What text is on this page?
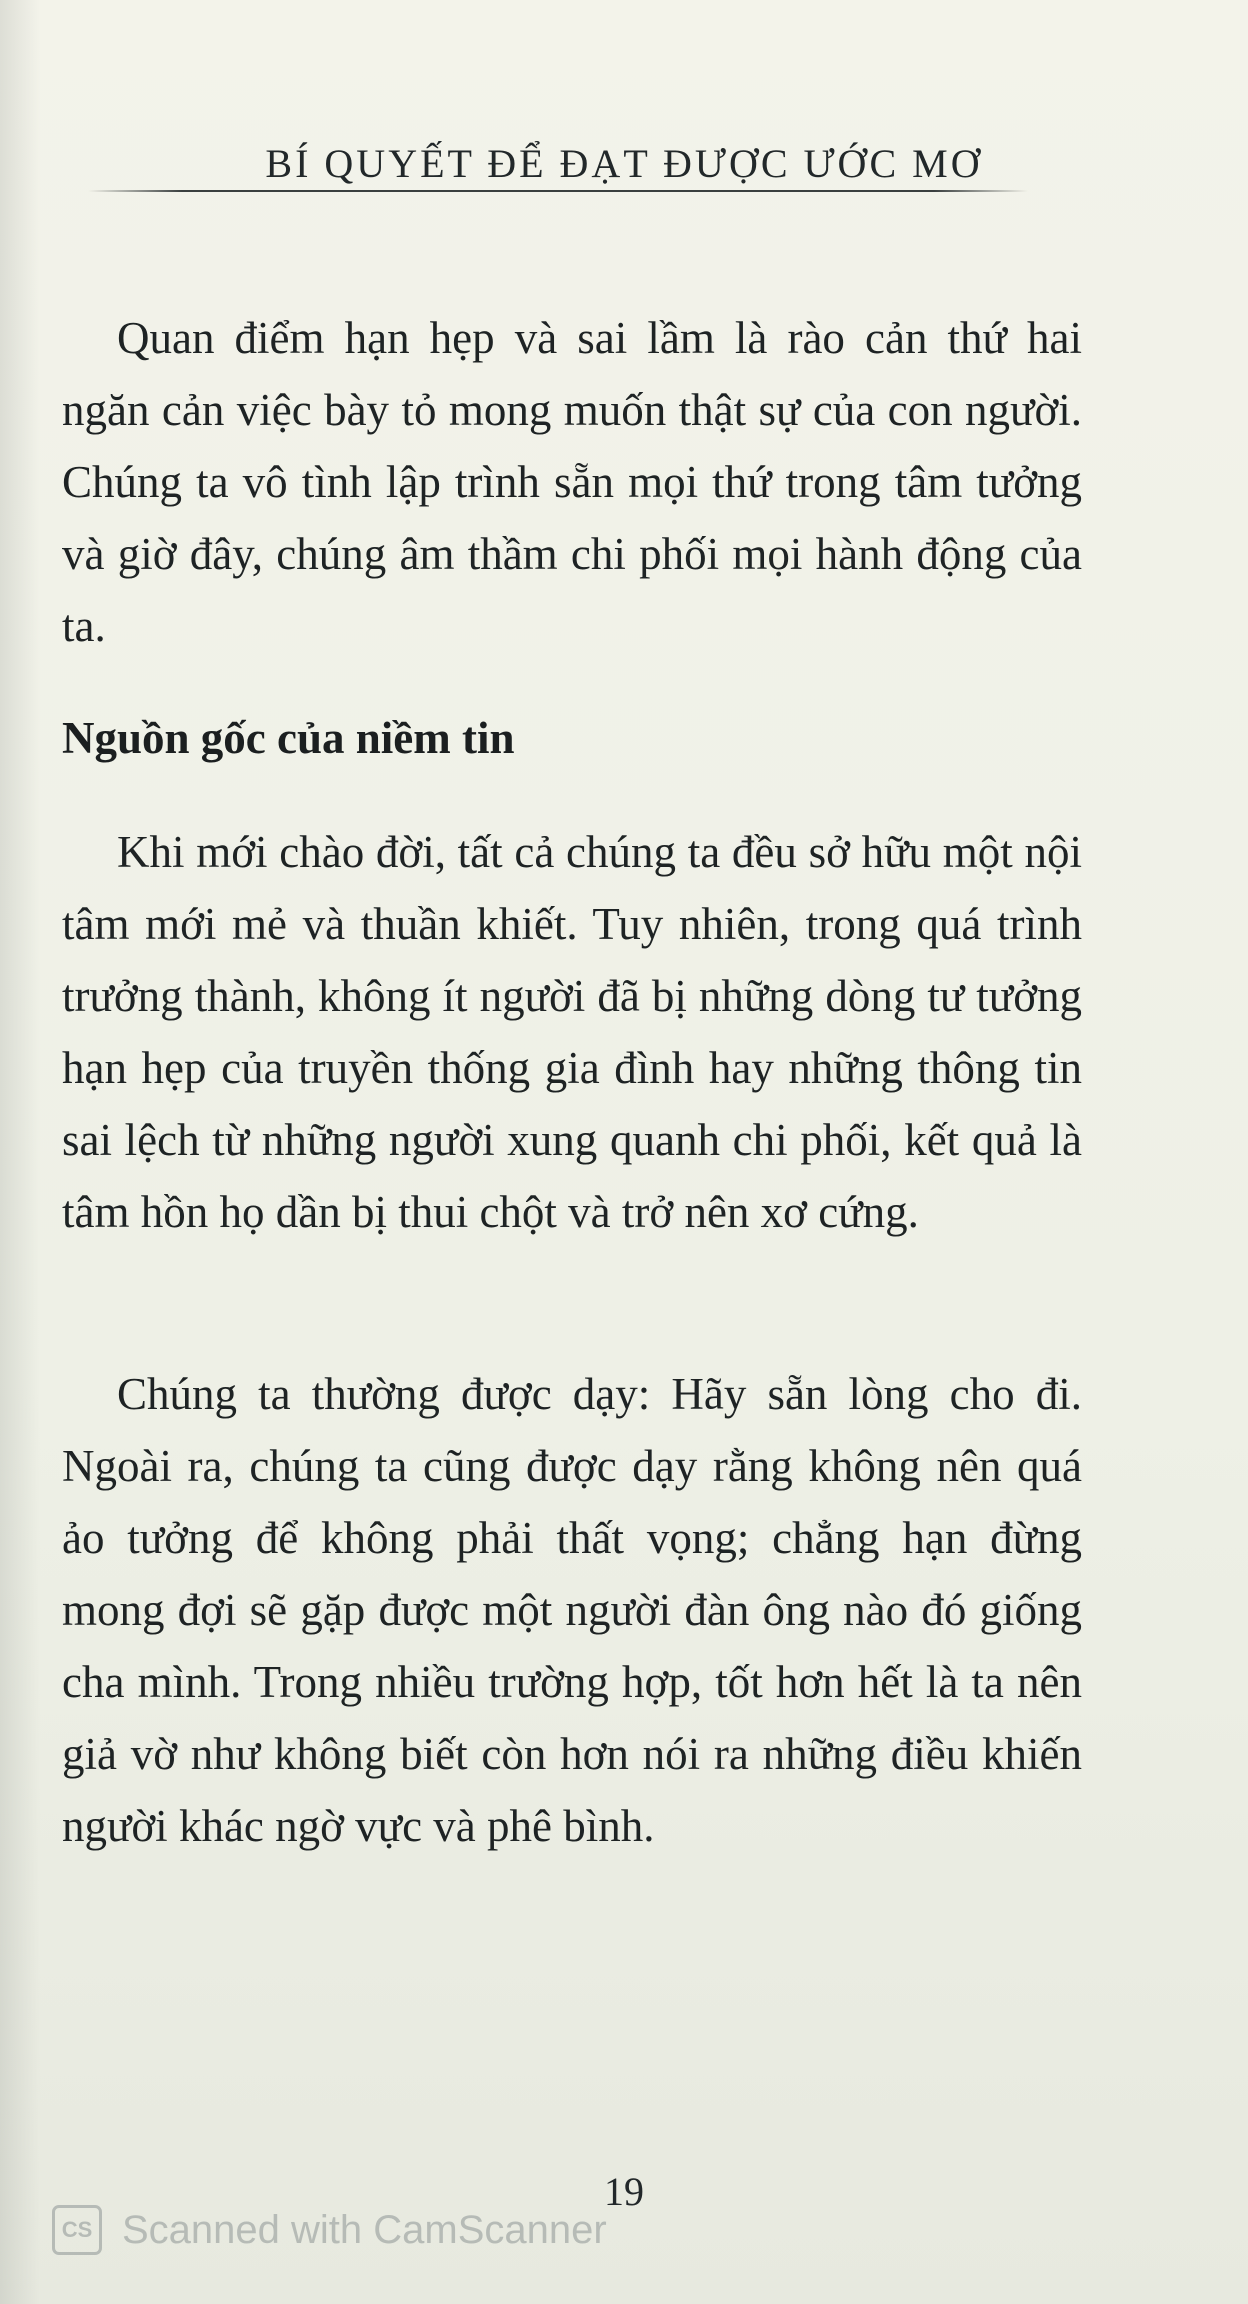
BÍ QUYẾT ĐỂ ĐẠT ĐƯỢC ƯỚC MƠ

Quan điểm hạn hẹp và sai lầm là rào cản thứ hai ngăn cản việc bày tỏ mong muốn thật sự của con người. Chúng ta vô tình lập trình sẵn mọi thứ trong tâm tưởng và giờ đây, chúng âm thầm chi phối mọi hành động của ta.

Nguồn gốc của niềm tin

Khi mới chào đời, tất cả chúng ta đều sở hữu một nội tâm mới mẻ và thuần khiết. Tuy nhiên, trong quá trình trưởng thành, không ít người đã bị những dòng tư tưởng hạn hẹp của truyền thống gia đình hay những thông tin sai lệch từ những người xung quanh chi phối, kết quả là tâm hồn họ dần bị thui chột và trở nên xơ cứng.

Chúng ta thường được dạy: Hãy sẵn lòng cho đi. Ngoài ra, chúng ta cũng được dạy rằng không nên quá ảo tưởng để không phải thất vọng; chẳng hạn đừng mong đợi sẽ gặp được một người đàn ông nào đó giống cha mình. Trong nhiều trường hợp, tốt hơn hết là ta nên giả vờ như không biết còn hơn nói ra những điều khiến người khác ngờ vực và phê bình.

19
CS Scanned with CamScanner
